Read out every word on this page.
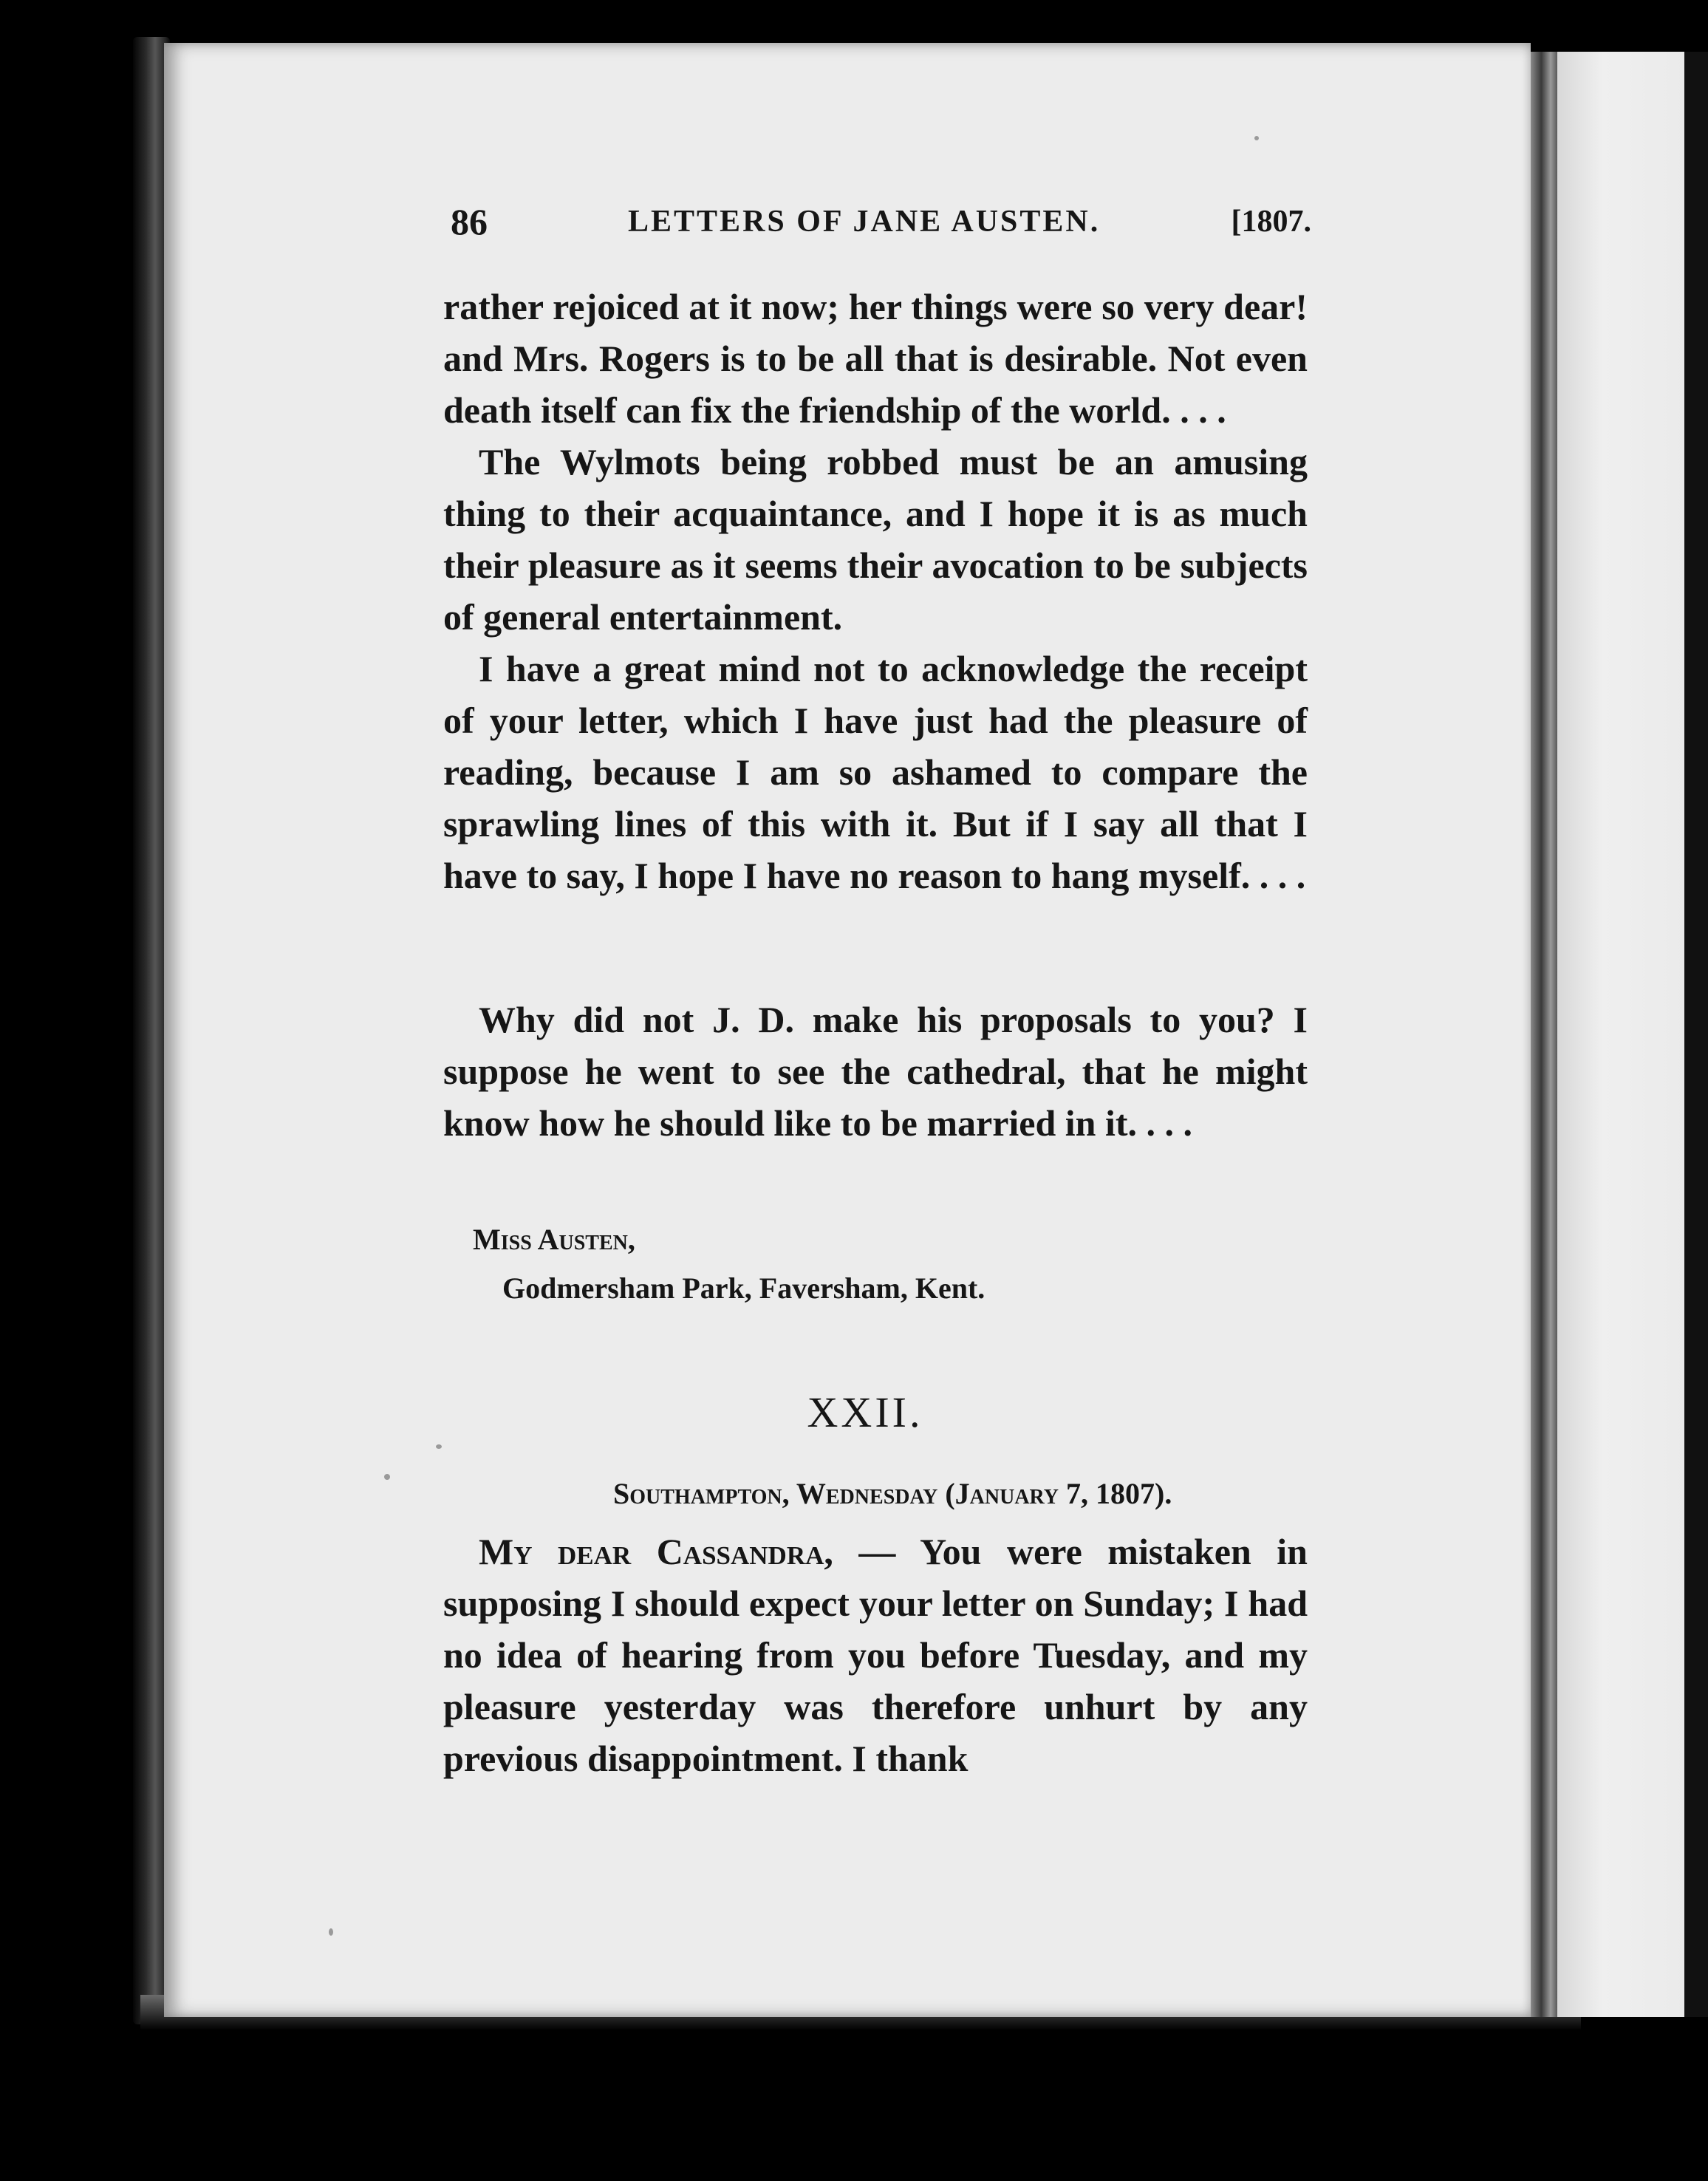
86	LETTERS OF JANE AUSTEN.	[1807.

rather rejoiced at it now; her things were so very dear! and Mrs. Rogers is to be all that is desirable. Not even death itself can fix the friendship of the world. . . .

The Wylmots being robbed must be an amusing thing to their acquaintance, and I hope it is as much their pleasure as it seems their avocation to be subjects of general entertainment.

I have a great mind not to acknowledge the receipt of your letter, which I have just had the pleasure of reading, because I am so ashamed to compare the sprawling lines of this with it. But if I say all that I have to say, I hope I have no reason to hang myself. . . .

Why did not J. D. make his proposals to you? I suppose he went to see the cathedral, that he might know how he should like to be married in it. . . .

Miss Austen,
Godmersham Park, Faversham, Kent.
XXII.
Southampton, Wednesday (January 7, 1807).

My dear Cassandra, — You were mistaken in supposing I should expect your letter on Sunday; I had no idea of hearing from you before Tuesday, and my pleasure yesterday was therefore unhurt by any previous disappointment. I thank
